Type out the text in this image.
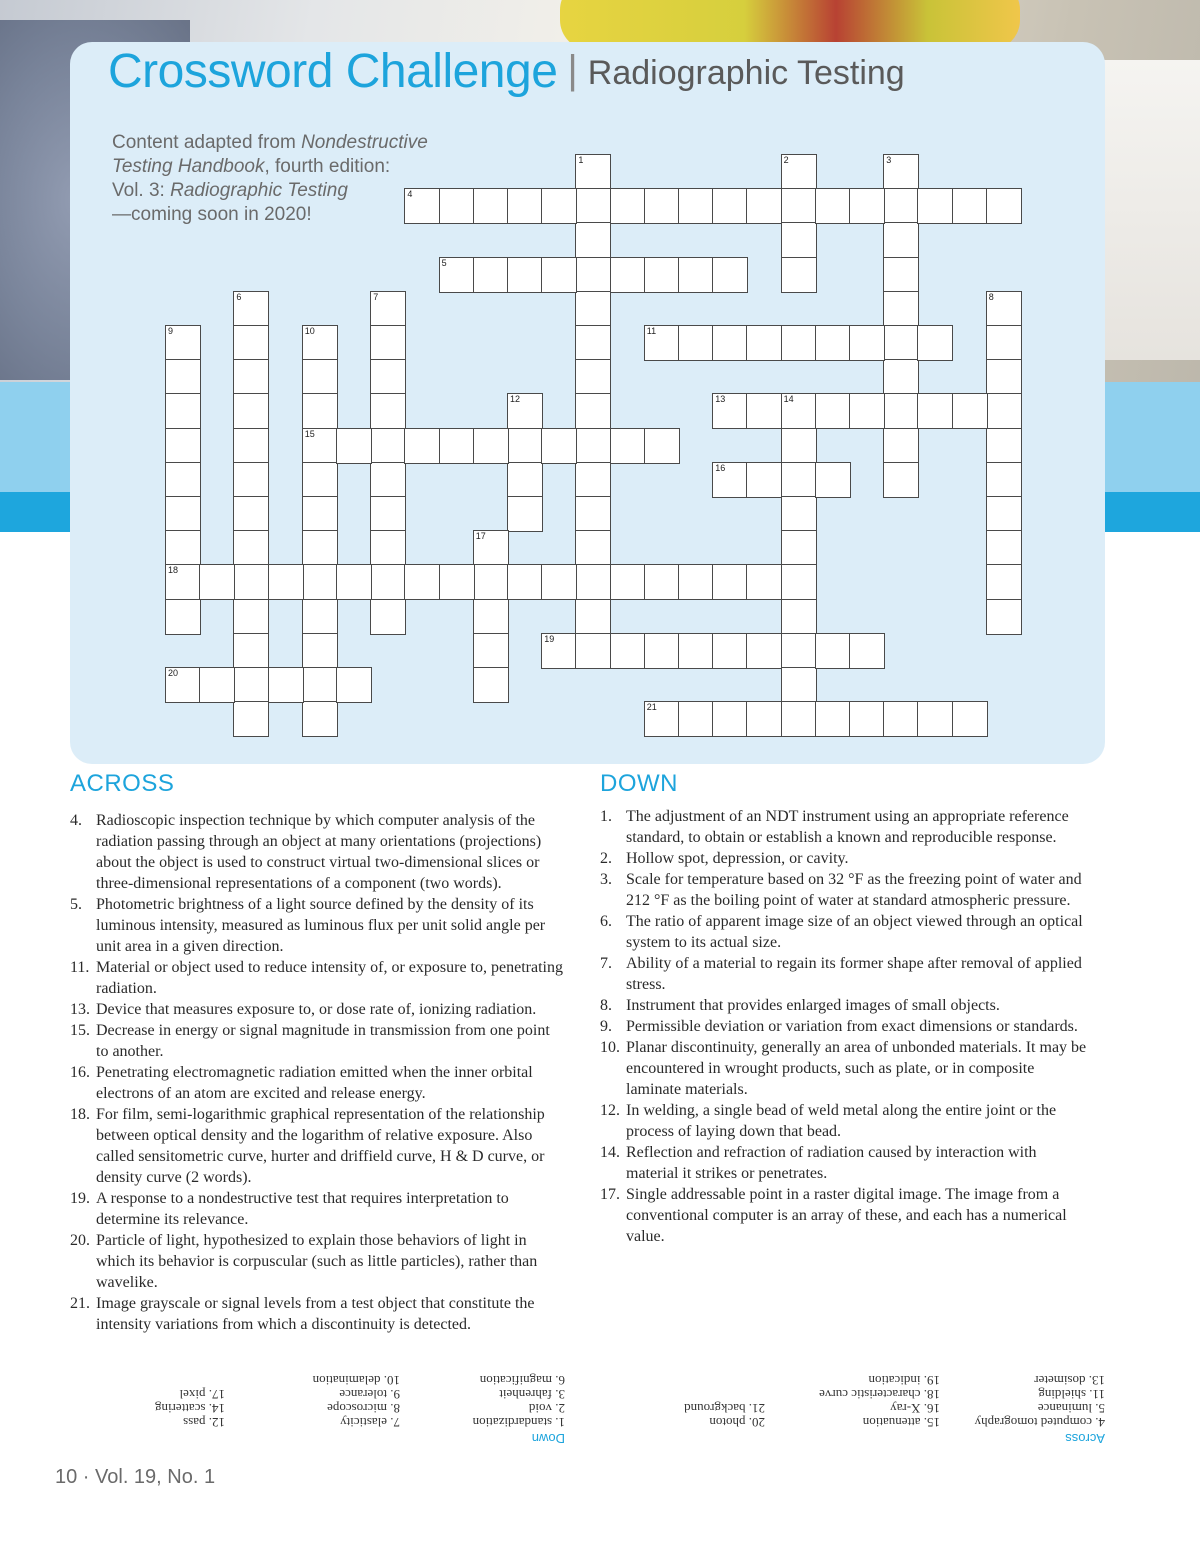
Crossword Challenge | Radiographic Testing
Content adapted from Nondestructive
Testing Handbook, fourth edition:
Vol. 3: Radiographic Testing
—coming soon in 2020!
1	2	3
4
5
6	7	8
9
18
10
15
11
12	13	14
16
17
19
20
21
ACROSS	DOWN
4. Radioscopic inspection technique by which computer analysis of the radiation passing through an object at many orientations (projections) about the object is used to construct virtual two-dimensional slices or three-dimensional representations of a component (two words).
5. Photometric brightness of a light source defined by the density of its luminous intensity, measured as luminous flux per unit solid angle per unit area in a given direction.
11. Material or object used to reduce intensity of, or exposure to, penetrating radiation.
13. Device that measures exposure to, or dose rate of, ionizing radiation.
15. Decrease in energy or signal magnitude in transmission from one point to another.
16. Penetrating electromagnetic radiation emitted when the inner orbital electrons of an atom are excited and release energy.
18. For film, semi-logarithmic graphical representation of the relationship between optical density and the logarithm of relative exposure. Also called sensitometric curve, hurter and driffield curve, H & D curve, or density curve (2 words).
19. A response to a nondestructive test that requires interpretation to determine its relevance.
20. Particle of light, hypothesized to explain those behaviors of light in which its behavior is corpuscular (such as little particles), rather than wavelike.
21. Image grayscale or signal levels from a test object that constitute the intensity variations from which a discontinuity is detected.
1. The adjustment of an NDT instrument using an appropriate reference standard, to obtain or establish a known and reproducible response.
2. Hollow spot, depression, or cavity.
3. Scale for temperature based on 32 °F as the freezing point of water and 212 °F as the boiling point of water at standard atmospheric pressure.
6. The ratio of apparent image size of an object viewed through an optical system to its actual size.
7. Ability of a material to regain its former shape after removal of applied stress.
8. Instrument that provides enlarged images of small objects.
9. Permissible deviation or variation from exact dimensions or standards.
10. Planar discontinuity, generally an area of unbonded materials. It may be encountered in wrought products, such as plate, or in composite laminate materials.
12. In welding, a single bead of weld metal along the entire joint or the process of laying down that bead.
14. Reflection and refraction of radiation caused by interaction with material it strikes or penetrates.
17. Single addressable point in a raster digital image. The image from a conventional computer is an array of these, and each has a numerical value.
Across
4. computed tomography
5. luminance
11. shielding
13. dosimeter
15. attenuation
16. X-ray
18. characteristic curve
19. indication
20. photon
21. background
Down
1. standardization
2. void
3. fahrenheit
6. magnification
7. elasticity
8. microscope
9. tolerance
10. delamination
12. pass
14. scattering
17. pixel
10 · Vol. 19, No. 1
